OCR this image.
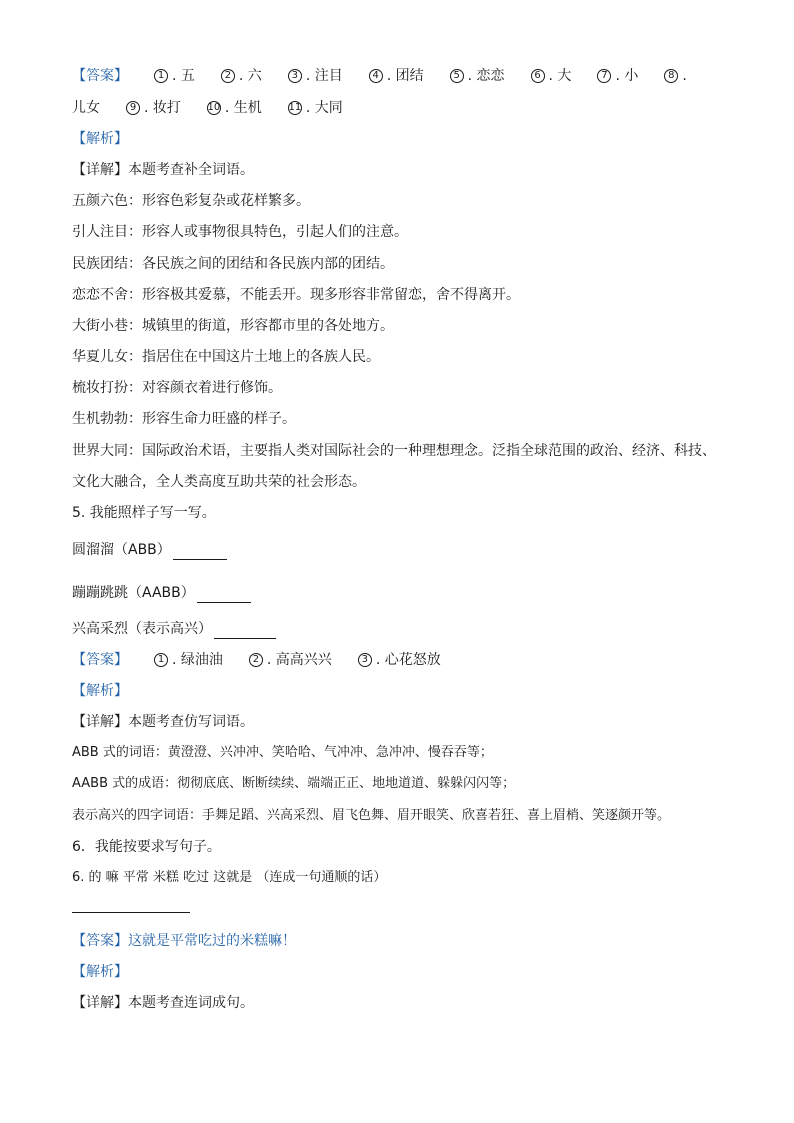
【答案】	1 . 五	2 . 六	3 . 注目	4 . 团结	5 . 恋恋	6 . 大	7 . 小	8 .
儿女	9 . 妆打	10 . 生机	11 . 大同
【解析】
【详解】本题考查补全词语。
五颜六色：形容色彩复杂或花样繁多。
引人注目：形容人或事物很具特色，引起人们的注意。
民族团结：各民族之间的团结和各民族内部的团结。
恋恋不舍：形容极其爱慕，不能丢开。现多形容非常留恋，舍不得离开。
大街小巷：城镇里的街道，形容都市里的各处地方。
华夏儿女：指居住在中国这片土地上的各族人民。
梳妆打扮：对容颜衣着进行修饰。
生机勃勃：形容生命力旺盛的样子。
世界大同：国际政治术语，主要指人类对国际社会的一种理想理念。泛指全球范围的政治、经济、科技、
文化大融合，全人类高度互助共荣的社会形态。
5. 我能照样子写一写。
圆溜溜（ABB）
蹦蹦跳跳（AABB）
兴高采烈（表示高兴）
【答案】	1 . 绿油油	2 . 高高兴兴	3 . 心花怒放
【解析】
【详解】本题考查仿写词语。
ABB 式的词语：黄澄澄、兴冲冲、笑哈哈、气冲冲、急冲冲、慢吞吞等；
AABB 式的成语：彻彻底底、断断续续、端端正正、地地道道、躲躲闪闪等；
表示高兴的四字词语：手舞足蹈、兴高采烈、眉飞色舞、眉开眼笑、欣喜若狂、喜上眉梢、笑逐颜开等。
6．我能按要求写句子。
6. 的 嘛 平常 米糕 吃过 这就是 （连成一句通顺的话）
【答案】这就是平常吃过的米糕嘛！
【解析】
【详解】本题考查连词成句。
